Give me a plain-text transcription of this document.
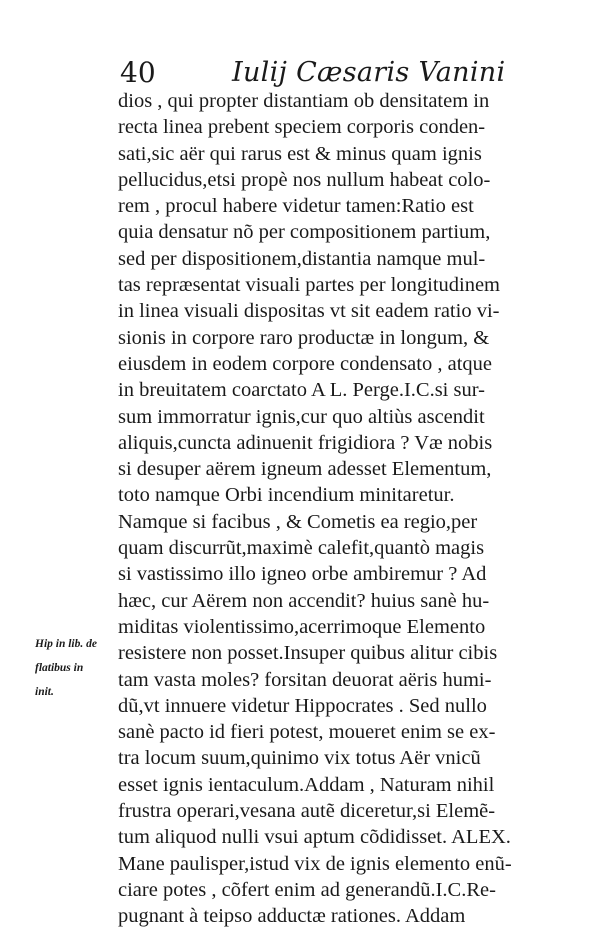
40	Iulij Cæsaris Vanini
dios , qui propter distantiam ob densitatem in
recta linea prebent speciem corporis conden-
sati,sic aër qui rarus est & minus quam ignis
pellucidus,etsi propè nos nullum habeat colo-
rem , procul habere videtur tamen:Ratio est
quia densatur nõ per compositionem partium,
sed per dispositionem,distantia namque mul-
tas repræsentat visuali partes per longitudinem
in linea visuali dispositas vt sit eadem ratio vi-
sionis in corpore raro productæ in longum, &
eiusdem in eodem corpore condensato , atque
in breuitatem coarctato A L. Perge.I.C.si sur-
sum immorratur ignis,cur quo altiùs ascendit
aliquis,cuncta adinuenit frigidiora ? Væ nobis
si desuper aërem igneum adesset Elementum,
toto namque Orbi incendium minitaretur.
Namque si facibus , & Cometis ea regio,per
quam discurrũt,maximè calefit,quantò magis
si vastissimo illo igneo orbe ambiremur ? Ad
hæc, cur Aërem non accendit? huius sanè hu-
miditas violentissimo,acerrimoque Elemento
resistere non posset.Insuper quibus alitur cibis
tam vasta moles? forsitan deuorat aëris humi-
dũ,vt innuere videtur Hippocrates . Sed nullo
sanè pacto id fieri potest, moueret enim se ex-
tra locum suum,quinimo vix totus Aër vnicũ
esset ignis ientaculum.Addam , Naturam nihil
frustra operari,vesana autẽ diceretur,si Elemẽ-
tum aliquod nulli vsui aptum cõdidisset. ALEX.
Mane paulisper,istud vix de ignis elemento enũ-
ciare potes , cõfert enim ad generandũ.I.C.Re-
pugnant à teipso adductæ rationes. Addam
Hip in lib. de
flatibus in
init.
